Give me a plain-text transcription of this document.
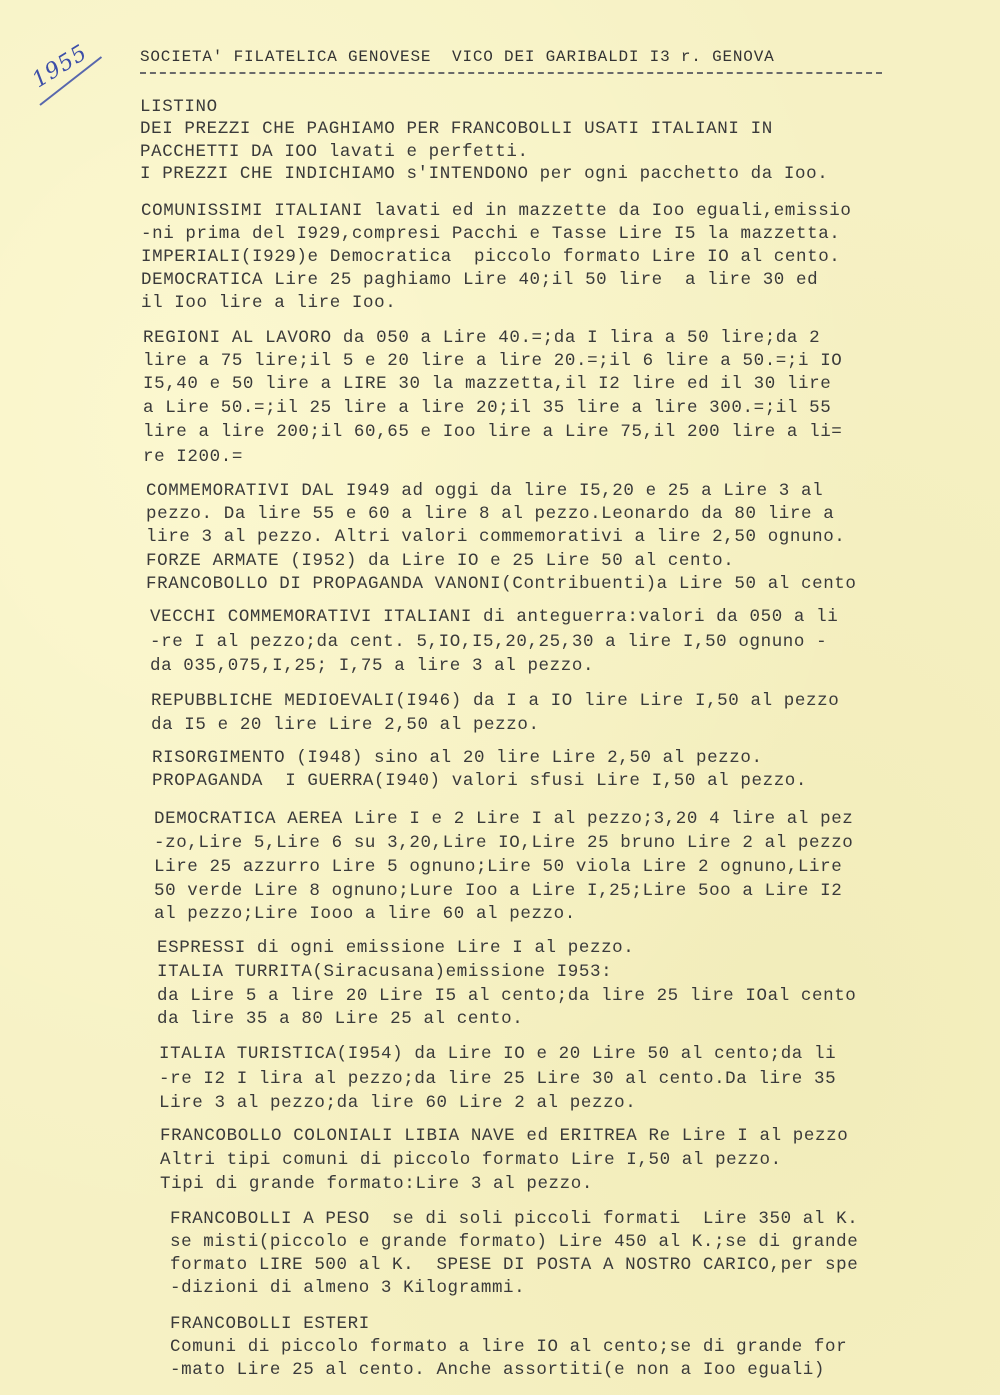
1955	SOCIETA' FILATELICA GENOVESE  VICO DEI GARIBALDI I3 r. GENOVA
LISTINO
DEI PREZZI CHE PAGHIAMO PER FRANCOBOLLI USATI ITALIANI IN
PACCHETTI DA IOO lavati e perfetti.
I PREZZI CHE INDICHIAMO s'INTENDONO per ogni pacchetto da Ioo.
COMUNISSIMI ITALIANI lavati ed in mazzette da Ioo eguali,emissio
-ni prima del I929,compresi Pacchi e Tasse Lire I5 la mazzetta.
IMPERIALI(I929)e Democratica  piccolo formato Lire IO al cento.
DEMOCRATICA Lire 25 paghiamo Lire 40;il 50 lire  a lire 30 ed
il Ioo lire a lire Ioo.
REGIONI AL LAVORO da 050 a Lire 40.=;da I lira a 50 lire;da 2
lire a 75 lire;il 5 e 20 lire a lire 20.=;il 6 lire a 50.=;i IO
I5,40 e 50 lire a LIRE 30 la mazzetta,il I2 lire ed il 30 lire
a Lire 50.=;il 25 lire a lire 20;il 35 lire a lire 300.=;il 55
lire a lire 200;il 60,65 e Ioo lire a Lire 75,il 200 lire a li=
re I200.=
COMMEMORATIVI DAL I949 ad oggi da lire I5,20 e 25 a Lire 3 al
pezzo. Da lire 55 e 60 a lire 8 al pezzo.Leonardo da 80 lire a
lire 3 al pezzo. Altri valori commemorativi a lire 2,50 ognuno.
FORZE ARMATE (I952) da Lire IO e 25 Lire 50 al cento.
FRANCOBOLLO DI PROPAGANDA VANONI(Contribuenti)a Lire 50 al cento
VECCHI COMMEMORATIVI ITALIANI di anteguerra:valori da 050 a li
-re I al pezzo;da cent. 5,IO,I5,20,25,30 a lire I,50 ognuno -
da 035,075,I,25; I,75 a lire 3 al pezzo.
REPUBBLICHE MEDIOEVALI(I946) da I a IO lire Lire I,50 al pezzo
da I5 e 20 lire Lire 2,50 al pezzo.
RISORGIMENTO (I948) sino al 20 lire Lire 2,50 al pezzo.
PROPAGANDA  I GUERRA(I940) valori sfusi Lire I,50 al pezzo.
DEMOCRATICA AEREA Lire I e 2 Lire I al pezzo;3,20 4 lire al pez
-zo,Lire 5,Lire 6 su 3,20,Lire IO,Lire 25 bruno Lire 2 al pezzo
Lire 25 azzurro Lire 5 ognuno;Lire 50 viola Lire 2 ognuno,Lire
50 verde Lire 8 ognuno;Lure Ioo a Lire I,25;Lire 5oo a Lire I2
al pezzo;Lire Iooo a lire 60 al pezzo.
ESPRESSI di ogni emissione Lire I al pezzo.
ITALIA TURRITA(Siracusana)emissione I953:
da Lire 5 a lire 20 Lire I5 al cento;da lire 25 lire IOal cento
da lire 35 a 80 Lire 25 al cento.
ITALIA TURISTICA(I954) da Lire IO e 20 Lire 50 al cento;da li
-re I2 I lira al pezzo;da lire 25 Lire 30 al cento.Da lire 35
Lire 3 al pezzo;da lire 60 Lire 2 al pezzo.
FRANCOBOLLO COLONIALI LIBIA NAVE ed ERITREA Re Lire I al pezzo
Altri tipi comuni di piccolo formato Lire I,50 al pezzo.
Tipi di grande formato:Lire 3 al pezzo.
FRANCOBOLLI A PESO  se di soli piccoli formati  Lire 350 al K.
se misti(piccolo e grande formato) Lire 450 al K.;se di grande
formato LIRE 500 al K.  SPESE DI POSTA A NOSTRO CARICO,per spe
-dizioni di almeno 3 Kilogrammi.
FRANCOBOLLI ESTERI
Comuni di piccolo formato a lire IO al cento;se di grande for
-mato Lire 25 al cento. Anche assortiti(e non a Ioo eguali)
